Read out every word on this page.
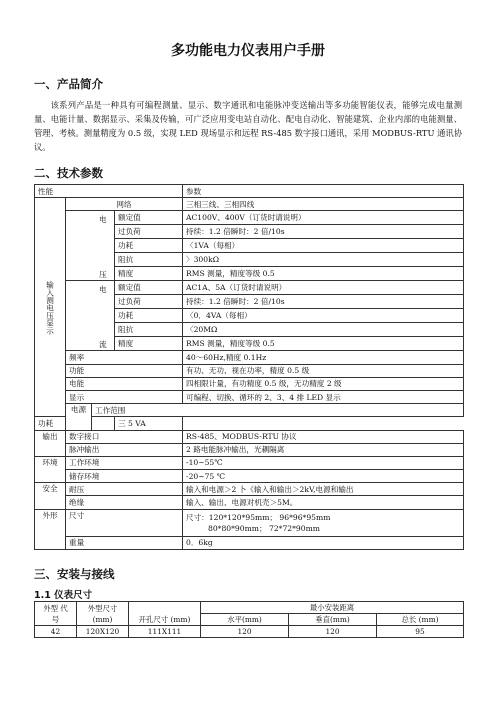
多功能电力仪表用户手册
一、产品简介
该系列产品是一种具有可编程测量、显示、数字通讯和电能脉冲变送输出等多功能智能仪表，能够完成电量测量、电能计量、数据显示、采集及传输，可广泛应用变电站自动化、配电自动化、智能建筑、企业内部的电能测量、管理、考核。测量精度为 0.5 级，实现 LED 现场显示和远程 RS-485 数字接口通讯，采用 MODBUS-RTU 通讯协议。
二、技术参数
性能				参数	
输入测电压显示	网络			三相三线、三相四线	
		电

压	额定值	AC100V、400V（订货时请说明）	
			过负荷	持续：1.2 倍瞬时：2 倍/10s	
			功耗	〈1VA（每相）	
			阻抗	〉300kΩ	
			精度	RMS 测量，精度等级 0.5	
		电

流	额定值	AC1A、5A（订货时请说明）	
			过负荷	持续：1.2 倍瞬时：2 倍/10s	
			功耗	〈0．4VA（每相）	
			阻抗	〈20MΩ	
			精度	RMS 测量，精度等级 0.5	
	频率			40～60Hz,精度 0.1Hz	
	功能			有功、无功、视在功率，精度 0.5 级	
	电能			四相限计量，有功精度 0.5 级，无功精度 2 级	
	显示			可编程、切换、循环的 2、3、4 排 LED 显示	
	电源	工作范围	
功耗			三 5 VA		
输出	数字接口			RS-485、MODBUS-RTU 协议	
	脉冲输出			2 路电能脉冲输出，光耦隔离	
环境	工作环境			-10~55℃	
	储存环境			-20~75 ℃	
安全	耐压			输入和电源＞2 卜《输入和输出＞2kV,电源和输出	
	绝缘			输入、输出、电源对机壳＞5M。	
外形	尺寸			尺寸：120*120*95mm； 96*96*95mm
80*80*90mm； 72*72*90mm	

	重量			0．6kg	
三、安装与接线
1.1 仪表尺寸
外型 代
号	外型尺寸
(mm)	开孔尺寸 (mm)	最小安装距离		
			水平(mm)	垂直(mm)	总长 (mm)
42	120X120	111X111	120	120	95
